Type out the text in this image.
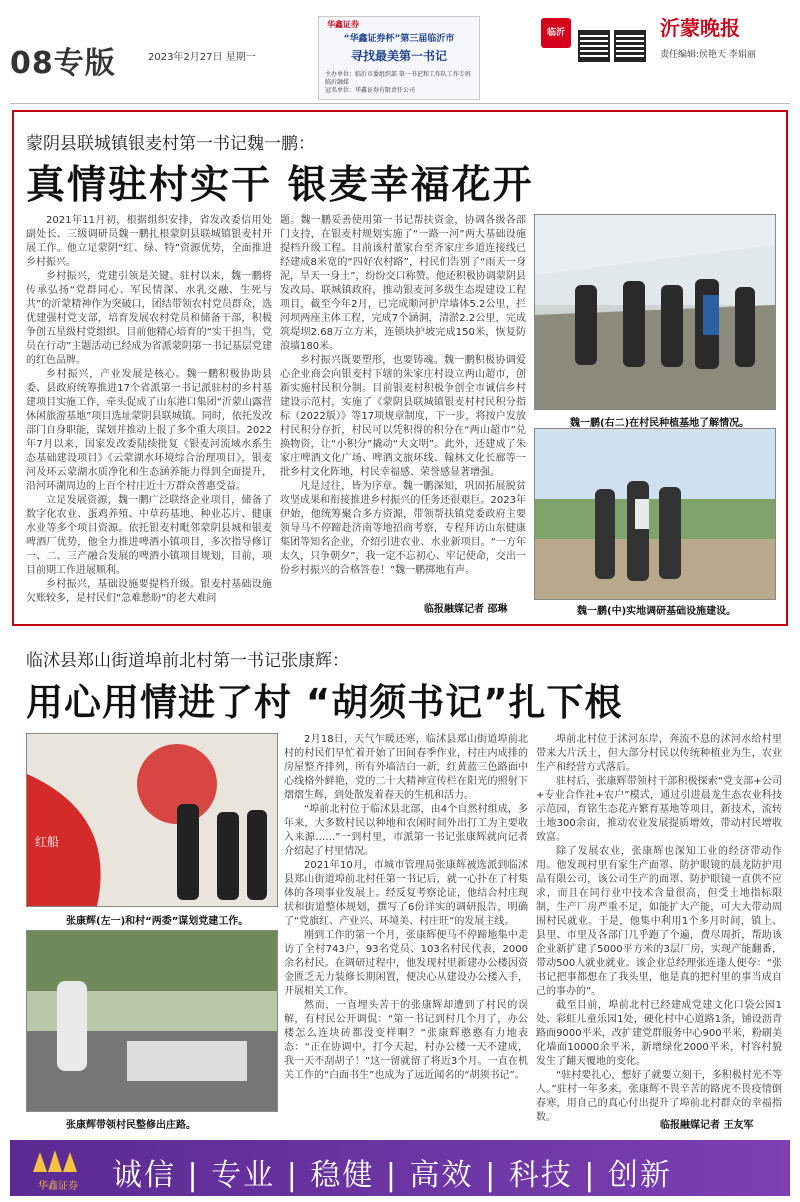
08专版	2023年2月27日 星期一
华鑫证券
“华鑫证券杯”第三届临沂市
寻找最美第一书记
主办单位：临沂市委组织部 第一书记和工作队工作专班 临沂融媒
冠名单位：华鑫证券有限责任公司
临沂	沂蒙晚报
责任编辑:侯艳天 李娟丽
蒙阴县联城镇银麦村第一书记魏一鹏：
真情驻村实干 银麦幸福花开

2021年11月初，根据组织安排，省发改委信用处副处长、三级调研员魏一鹏扎根蒙阴县联城镇银麦村开展工作。他立足蒙阴“红、绿、特”资源优势，全面推进乡村振兴。

乡村振兴，党建引领是关键。驻村以来，魏一鹏将传承弘扬“党群同心、军民情深、水乳交融、生死与共”的沂蒙精神作为突破口，团结带领农村党员群众，选优建强村党支部，培育发展农村党员和储备干部，积极争创五星级村党组织。目前他精心培育的“实干担当，党员在行动”主题活动已经成为省派蒙阴第一书记基层党建的红色品牌。

乡村振兴，产业发展是核心。魏一鹏积极协助县委、县政府统筹推进17个省派第一书记派驻村的乡村基建项目实施工作，牵头促成了山东港口集团“沂蒙山露营休闲旅游基地”项目选址蒙阴县联城镇。同时，依托发改部门自身职能，谋划并推动上报了多个重大项目。2022年7月以来，国家发改委陆续批复《银麦河流域水系生态基础建设项目》《云蒙湖水环境综合治理项目》，银麦河及环云蒙湖水质净化和生态涵养能力得到全面提升，沿河环湖周边的上百个村庄近十万群众普惠受益。

立足发展资源，魏一鹏广泛联络企业项目，储备了数字化农业、蛋鸡养殖、中草药基地、种业芯片、健康水业等多个项目资源。依托银麦村毗邻蒙阴县城和银麦啤酒厂优势，他全力推进啤酒小镇项目，多次指导修订一、二、三产融合发展的啤酒小镇项目规划，目前，项目前期工作进展顺利。

乡村振兴，基础设施要提档升级。银麦村基础设施欠账较多，是村民们“急难愁盼”的老大难问

题。魏一鹏妥善使用第一书记帮扶资金，协调各级各部门支持，在银麦村规划实施了“一路一河”两大基础设施提档升级工程。目前该村董家台至齐家庄乡道连接线已经建成8米宽的“四好农村路”，村民们告别了“雨天一身泥，旱天一身土”，纷纷交口称赞。他还积极协调蒙阴县发改局、联城镇政府，推动银麦河多级生态堤建设工程项目，截至今年2月，已完成顺河护岸墙体5.2公里，拦河坝两座主体工程，完成7个涵洞，清淤2.2公里，完成筑堤坝2.68万立方米，连锁块护坡完成150米，恢复防浪墙180米。

乡村振兴既要塑形，也要铸魂。魏一鹏积极协调爱心企业商会向银麦村下辖的朱家庄村设立两山超市，创新实施村民积分制。目前银麦村积极争创全市诚信乡村建设示范村，实施了《蒙阴县联城镇银麦村村民积分指标（2022版）》等17项规章制度，下一步，将按户发放村民积分存折，村民可以凭积得的积分在“两山超市”兑换物资，让“小积分”撬动“大文明”。此外，还建成了朱家庄啤酒文化广场、啤酒文旅环线、翰林文化长廊等一批乡村文化阵地，村民幸福感、荣誉感显著增强。

凡是过往，皆为序章。魏一鹏深知，巩固拓展脱贫攻坚成果和衔接推进乡村振兴的任务还很艰巨。2023年伊始，他统筹聚合多方资源，带领帮扶镇党委政府主要领导马不停蹄赴济南等地招商考察，专程拜访山东健康集团等知名企业，介绍引进农业、水业新项目。“一方年太久，只争朝夕”，我一定不忘初心、牢记使命，交出一份乡村振兴的合格答卷！”魏一鹏掷地有声。

临报融媒记者 邵琳
魏一鹏(右二)在村民种植基地了解情况。
魏一鹏(中)实地调研基础设施建设。
临沭县郑山街道埠前北村第一书记张康辉：
用心用情进了村 “胡须书记”扎下根
红船
张康辉(左一)和村“两委”谋划党建工作。
张康辉带领村民整修出庄路。

2月18日，天气乍暖还寒，临沭县郑山街道埠前北村的村民们早忙着开始了田间春季作业，村庄内成排的房屋整齐排列，所有外墙洁白一新，红黄蓝三色路面中心线格外鲜艳，党的二十大精神宣传栏在阳光的照射下熠熠生辉，到处散发着春天的生机和活力。

“埠前北村位于临沭县北部，由4个自然村组成，多年来，大多数村民以种地和农闲时间外出打工为主要收入来源……”一到村里，市派第一书记张康辉就向记者介绍起了村里情况。

2021年10月，市城市管理局张康辉被选派到临沭县郑山街道埠前北村任第一书记后，就一心扑在了村集体的各项事业发展上。经反复考察论证，他结合村庄现状和街道整体规划，撰写了6份详实的调研报告，明确了“党旗红、产业兴、环境美、村庄旺”的发展主线。

刚到工作的第一个月，张康辉便马不停蹄地集中走访了全村743户，93名党员、103名村民代表，2000余名村民。在调研过程中，他发现村里新建办公楼因资金匮乏无力装修长期闲置，便决心从建设办公楼入手，开展相关工作。

然而，一直埋头苦干的张康辉却遭到了村民的误解，有村民公开调侃：“第一书记到村几个月了，办公楼怎么连块砖都没变样啊？”张康辉憨憨有力地表态：“正在协调中，打今天起，村办公楼一天不建成，我一天不刮胡子！”这一留就留了将近3个月。一直在机关工作的“白面书生”也成为了远近闻名的“胡须书记”。

埠前北村位于沭河东岸，奔流不息的沭河水给村里带来大片沃土，但大部分村民以传统种植业为生，农业生产和经营方式落后。

驻村后，张康辉带领村干部积极探索“党支部+公司+专业合作社+农户”模式，通过引进晨龙生态农业科技示范园，育铭生态花卉繁育基地等项目，新技术，流转土地300余亩，推动农业发展提质增效，带动村民增收致富。

除了发展农业，张康辉也深知工业的经济带动作用。他发现村里有家生产面罩、防护眼镜的晨龙防护用品有限公司，该公司生产的面罩、防护眼镜一直供不应求，而且在同行业中技术含量很高，但受土地指标限制，生产厂房严重不足，如能扩大产能，可大大带动周围村民就业。于是，他集中利用1个多月时间，镇上、县里、市里及各部门几乎跑了个遍，费尽周折，帮助该企业新扩建了5000平方米的3层厂房，实现产能翻番，带动500人就业就业。该企业总经理张连逢人便夸：“张书记把事都想在了我头里，他是真的把村里的事当成自己的事办的”。

截至目前，埠前北村已经建成党建文化口袋公园1处、彩虹儿童乐园1处，硬化村中心道路1条，铺设沥青路面9000平米，改扩建党群服务中心900平米，粉刷美化墙面10000余平米，新增绿化2000平米，村容村貌发生了翻天覆地的变化。

“驻村要扎心，想好了就要立刻干，多积极村光不等人。”驻村一年多来，张康辉不畏辛苦的路虎不畏疫情倒春寒，用自己的真心付出提升了埠前北村群众的幸福指数。

临报融媒记者 王友军
华鑫证券	诚信 | 专业 | 稳健 | 高效 | 科技 | 创新
